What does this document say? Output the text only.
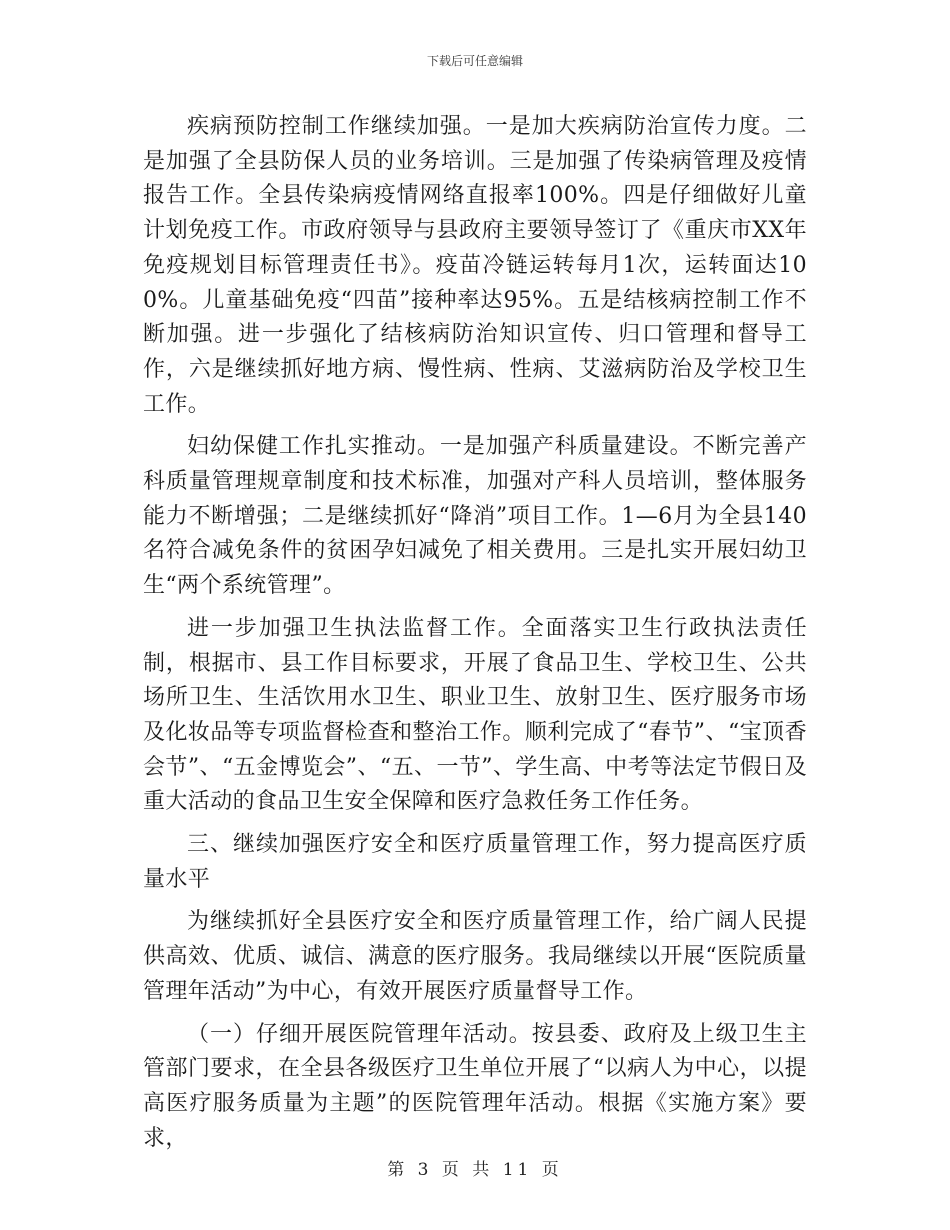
下载后可任意编辑

疾病预防控制工作继续加强。一是加大疾病防治宣传力度。二是加强了全县防保人员的业务培训。三是加强了传染病管理及疫情报告工作。全县传染病疫情网络直报率100%。四是仔细做好儿童计划免疫工作。市政府领导与县政府主要领导签订了《重庆市XX年免疫规划目标管理责任书》。疫苗冷链运转每月1次，运转面达100%。儿童基础免疫“四苗”接种率达95%。五是结核病控制工作不断加强。进一步强化了结核病防治知识宣传、归口管理和督导工作，六是继续抓好地方病、慢性病、性病、艾滋病防治及学校卫生工作。

妇幼保健工作扎实推动。一是加强产科质量建设。不断完善产科质量管理规章制度和技术标准，加强对产科人员培训，整体服务能力不断增强；二是继续抓好“降消”项目工作。1—6月为全县140名符合减免条件的贫困孕妇减免了相关费用。三是扎实开展妇幼卫生“两个系统管理”。

进一步加强卫生执法监督工作。全面落实卫生行政执法责任制，根据市、县工作目标要求，开展了食品卫生、学校卫生、公共场所卫生、生活饮用水卫生、职业卫生、放射卫生、医疗服务市场及化妆品等专项监督检查和整治工作。顺利完成了“春节”、“宝顶香会节”、“五金博览会”、“五、一节”、学生高、中考等法定节假日及重大活动的食品卫生安全保障和医疗急救任务工作任务。

三、继续加强医疗安全和医疗质量管理工作，努力提高医疗质量水平

为继续抓好全县医疗安全和医疗质量管理工作，给广阔人民提供高效、优质、诚信、满意的医疗服务。我局继续以开展“医院质量管理年活动”为中心，有效开展医疗质量督导工作。

（一）仔细开展医院管理年活动。按县委、政府及上级卫生主管部门要求，在全县各级医疗卫生单位开展了“以病人为中心，以提高医疗服务质量为主题”的医院管理年活动。根据《实施方案》要求，

第 3 页 共 11 页
